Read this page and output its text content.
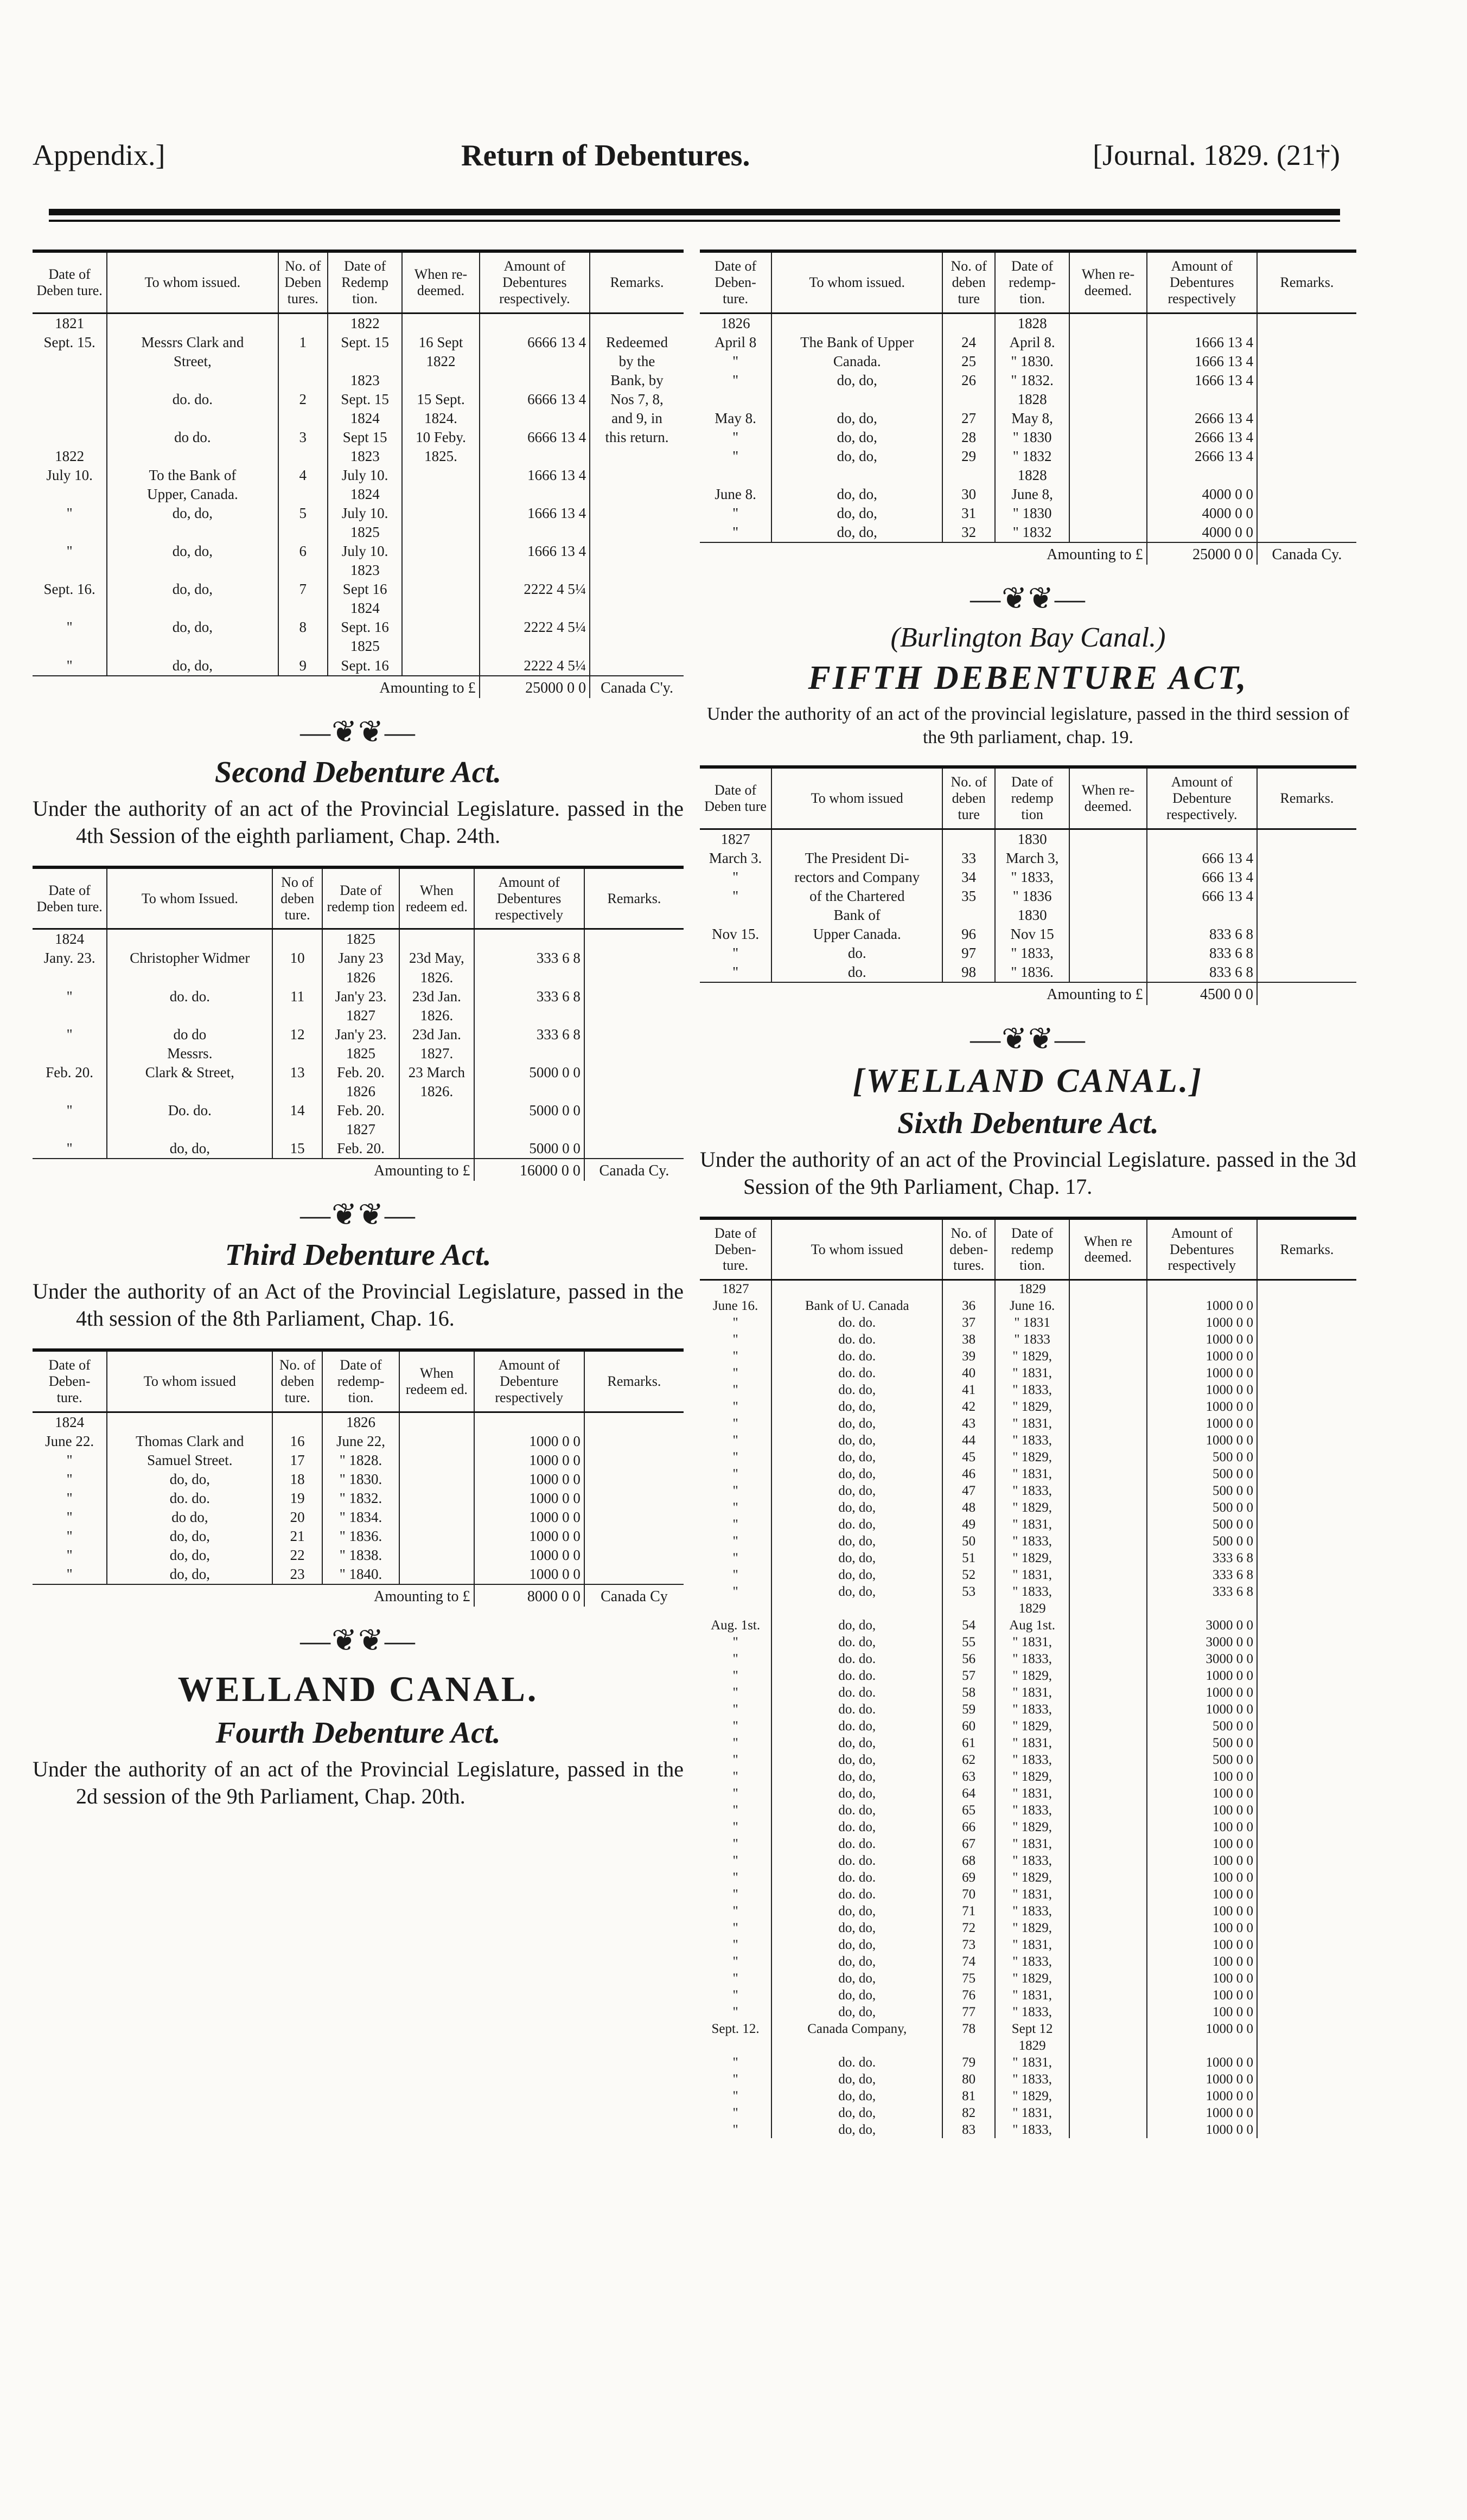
Appendix.]	Return of Debentures.	[Journal. 1829. (21†)
Date of Deben ture.	To whom issued.	No. of Deben tures.	Date of Redemp tion.	When re- deemed.	Amount of Debentures respectively.	Remarks.
1821			1822			
Sept. 15.	Messrs Clark and	1	Sept. 15	16 Sept	6666 13 4	Redeemed
	Street,			1822		by the
			1823			Bank, by
	do. do.	2	Sept. 15	15 Sept.	6666 13 4	Nos 7, 8,
			1824	1824.		and 9, in
	do do.	3	Sept 15	10 Feby.	6666 13 4	this return.
1822			1823	1825.		
July 10.	To the Bank of	4	July 10.		1666 13 4	
	Upper, Canada.		1824			
"	do, do,	5	July 10.		1666 13 4	
			1825			
"	do, do,	6	July 10.		1666 13 4	
			1823			
Sept. 16.	do, do,	7	Sept 16		2222 4 5¼	
			1824			
"	do, do,	8	Sept. 16		2222 4 5¼	
			1825			
"	do, do,	9	Sept. 16		2222 4 5¼	
Amounting to £					25000 0 0	Canada C'y.
—❦❦—
Second Debenture Act.
Under the authority of an act of the Provincial Legislature. passed in the 4th Session of the eighth parliament, Chap. 24th.
Date of Deben ture.	To whom Issued.	No of deben ture.	Date of redemp tion	When redeem ed.	Amount of Debentures respectively	Remarks.
1824			1825			
Jany. 23.	Christopher Widmer	10	Jany 23	23d May,	333 6 8	
			1826	1826.		
"	do. do.	11	Jan'y 23.	23d Jan.	333 6 8	
			1827	1826.		
"	do do	12	Jan'y 23.	23d Jan.	333 6 8	
	Messrs.		1825	1827.		
Feb. 20.	Clark & Street,	13	Feb. 20.	23 March	5000 0 0	
			1826	1826.		
"	Do. do.	14	Feb. 20.		5000 0 0	
			1827			
"	do, do,	15	Feb. 20.		5000 0 0	
Amounting to £					16000 0 0	Canada Cy.
—❦❦—
Third Debenture Act.
Under the authority of an Act of the Provincial Legislature, passed in the 4th session of the 8th Parliament, Chap. 16.
Date of Deben- ture.	To whom issued	No. of deben ture.	Date of redemp- tion.	When redeem ed.	Amount of Debenture respectively	Remarks.
1824			1826			
June 22.	Thomas Clark and	16	June 22,		1000 0 0	
"	Samuel Street.	17	" 1828.		1000 0 0	
"	do, do,	18	" 1830.		1000 0 0	
"	do. do.	19	" 1832.		1000 0 0	
"	do do,	20	" 1834.		1000 0 0	
"	do, do,	21	" 1836.		1000 0 0	
"	do, do,	22	" 1838.		1000 0 0	
"	do, do,	23	" 1840.		1000 0 0	
Amounting to £					8000 0 0	Canada Cy
—❦❦—
WELLAND CANAL.
Fourth Debenture Act.
Under the authority of an act of the Provincial Legislature, passed in the 2d session of the 9th Parliament, Chap. 20th.
Date of Deben- ture.	To whom issued.	No. of deben ture	Date of redemp- tion.	When re- deemed.	Amount of Debentures respectively	Remarks.
1826			1828			
April 8	The Bank of Upper	24	April 8.		1666 13 4	
"	Canada.	25	" 1830.		1666 13 4	
"	do, do,	26	" 1832.		1666 13 4	
			1828			
May 8.	do, do,	27	May 8,		2666 13 4	
"	do, do,	28	" 1830		2666 13 4	
"	do, do,	29	" 1832		2666 13 4	
			1828			
June 8.	do, do,	30	June 8,		4000 0 0	
"	do, do,	31	" 1830		4000 0 0	
"	do, do,	32	" 1832		4000 0 0	
Amounting to £					25000 0 0	Canada Cy.
—❦❦—
(Burlington Bay Canal.)
FIFTH DEBENTURE ACT,
Under the authority of an act of the provincial legislature, passed in the third session of the 9th parliament, chap. 19.
Date of Deben ture	To whom issued	No. of deben ture	Date of redemp tion	When re- deemed.	Amount of Debenture respectively.	Remarks.
1827			1830			
March 3.	The President Di-	33	March 3,		666 13 4	
"	rectors and Company	34	" 1833,		666 13 4	
"	of the Chartered	35	" 1836		666 13 4	
	Bank of		1830			
Nov 15.	Upper Canada.	96	Nov 15		833 6 8	
"	do.	97	" 1833,		833 6 8	
"	do.	98	" 1836.		833 6 8	
Amounting to £					4500 0 0	
—❦❦—
[WELLAND CANAL.]
Sixth Debenture Act.
Under the authority of an act of the Provincial Legislature. passed in the 3d Session of the 9th Parliament, Chap. 17.
Date of Deben- ture.	To whom issued	No. of deben- tures.	Date of redemp tion.	When re deemed.	Amount of Debentures respectively	Remarks.
1827			1829			
June 16.	Bank of U. Canada	36	June 16.		1000 0 0	
"	do. do.	37	" 1831		1000 0 0	
"	do. do.	38	" 1833		1000 0 0	
"	do. do.	39	" 1829,		1000 0 0	
"	do. do.	40	" 1831,		1000 0 0	
"	do. do,	41	" 1833,		1000 0 0	
"	do, do,	42	" 1829,		1000 0 0	
"	do, do,	43	" 1831,		1000 0 0	
"	do, do,	44	" 1833,		1000 0 0	
"	do, do,	45	" 1829,		500 0 0	
"	do, do,	46	" 1831,		500 0 0	
"	do, do,	47	" 1833,		500 0 0	
"	do, do,	48	" 1829,		500 0 0	
"	do. do,	49	" 1831,		500 0 0	
"	do, do,	50	" 1833,		500 0 0	
"	do, do,	51	" 1829,		333 6 8	
"	do, do,	52	" 1831,		333 6 8	
"	do, do,	53	" 1833,		333 6 8	
			1829			
Aug. 1st.	do, do,	54	Aug 1st.		3000 0 0	
"	do. do,	55	" 1831,		3000 0 0	
"	do. do.	56	" 1833,		3000 0 0	
"	do. do.	57	" 1829,		1000 0 0	
"	do. do.	58	" 1831,		1000 0 0	
"	do. do.	59	" 1833,		1000 0 0	
"	do. do,	60	" 1829,		500 0 0	
"	do, do,	61	" 1831,		500 0 0	
"	do, do,	62	" 1833,		500 0 0	
"	do, do,	63	" 1829,		100 0 0	
"	do, do,	64	" 1831,		100 0 0	
"	do. do,	65	" 1833,		100 0 0	
"	do. do,	66	" 1829,		100 0 0	
"	do. do.	67	" 1831,		100 0 0	
"	do. do.	68	" 1833,		100 0 0	
"	do. do.	69	" 1829,		100 0 0	
"	do. do.	70	" 1831,		100 0 0	
"	do, do,	71	" 1833,		100 0 0	
"	do, do,	72	" 1829,		100 0 0	
"	do, do,	73	" 1831,		100 0 0	
"	do, do,	74	" 1833,		100 0 0	
"	do, do,	75	" 1829,		100 0 0	
"	do, do,	76	" 1831,		100 0 0	
"	do, do,	77	" 1833,		100 0 0	
Sept. 12.	Canada Company,	78	Sept 12		1000 0 0	
			1829			
"	do. do.	79	" 1831,		1000 0 0	
"	do, do,	80	" 1833,		1000 0 0	
"	do, do,	81	" 1829,		1000 0 0	
"	do, do,	82	" 1831,		1000 0 0	
"	do, do,	83	" 1833,		1000 0 0	
